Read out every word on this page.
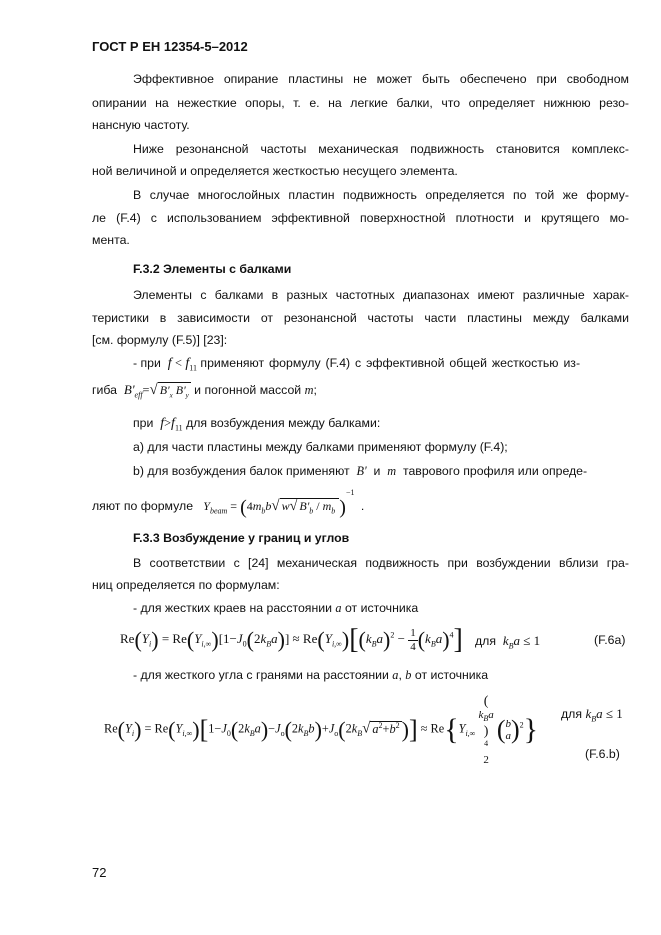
ГОСТ Р ЕН 12354-5–2012
Эффективное опирание пластины не может быть обеспечено при свободном
опирании на нежесткие опоры, т. е. на легкие балки, что определяет нижнюю резо-
нансную частоту.
Ниже резонансной частоты механическая подвижность становится комплекс-
ной величиной и определяется жесткостью несущего элемента.
В случае многослойных пластин подвижность определяется по той же форму-
ле (F.4) с использованием эффективной поверхностной плотности и крутящего мо-
мента.
F.3.2 Элементы с балками
Элементы с балками в разных частотных диапазонах имеют различные харак-
теристики в зависимости от резонансной частоты части пластины между балками
[см. формулу (F.5)] [23]:
- при $f < f_{11}$ применяют формулу (F.4) с эффективной общей жесткостью из-
гиба $B'_{eff}=√$ $B'_x$ $B'_y$ и погонной массой m;
при $f>f_{11}$ для возбуждения между балками:
a) для части пластины между балками применяют формулу (F.4);
b) для возбуждения балок применяют B' и m таврового профиля или опреде-
ляют по формуле $Y_{beam} = (4m_bb√$ w√ $B'_b / m_b$ )$^{-1}$  .
F.3.3 Возбуждение у границ и углов
В соответствии с [24] механическая подвижность при возбуждении вблизи гра-
ниц определяется по формулам:
- для жестких краев на расстоянии a от источника
$Re(Y_i) = Re(Y_{i,\infty})[1-J_0(2k_Ba)] \approx Re(Y_{i,\infty})[(k_Ba)^2 - \frac{1}{4} (k_Ba)^4]$ для $k_Ba \le 1$	(F.6a)
- для жесткого угла с гранями на расстоянии a, b от источника
$Re(Y_i) = Re(Y_{i,\infty})[1-J_0(2k_Ba)-J_o(2k_Bb)+J_o(2k_B√$ $a^2+b^2)] \approx Re\{Y_{i,\infty}$
(
$k_Ba$
)
$^4$
2
( b
a )$^2$} для $k_Ba \le 1$
(F.6.b)
72
